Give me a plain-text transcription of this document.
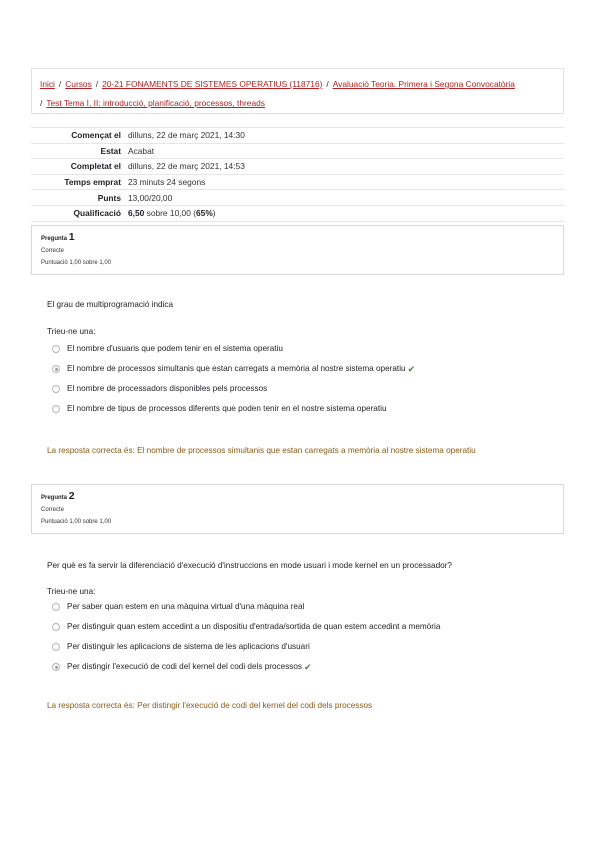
Inici / Cursos / 20-21 FONAMENTS DE SISTEMES OPERATIUS (118716) / Avaluació Teoria. Primera i Segona Convocatòria
/ Test Tema I, II: introducció, planificació, processos, threads
Començat el	dilluns, 22 de març 2021, 14:30
Estat	Acabat
Completat el	dilluns, 22 de març 2021, 14:53
Temps emprat	23 minuts 24 segons
Punts	13,00/20,00
Qualificació	6,50 sobre 10,00 (65%)
Pregunta 1
Correcte
Puntuació 1,00 sobre 1,00
El grau de multiprogramació indica
Trieu-ne una:
El nombre d'usuaris que podem tenir en el sistema operatiu
El nombre de processos simultanis que estan carregats a memòria al nostre sistema operatiu ✔
El nombre de processadors disponibles pels processos
El nombre de tipus de processos diferents que poden tenir en el nostre sistema operatiu
La resposta correcta és: El nombre de processos simultanis que estan carregats a memòria al nostre sistema operatiu
Pregunta 2
Correcte
Puntuació 1,00 sobre 1,00
Per què es fa servir la diferenciació d'execució d'instruccions en mode usuari i mode kernel en un processador?
Trieu-ne una:
Per saber quan estem en una màquina virtual d'una màquina real
Per distinguir quan estem accedint a un dispositiu d'entrada/sortida de quan estem accedint a memòria
Per distinguir les aplicacions de sistema de les aplicacions d'usuari
Per distingir l'execució de codi del kernel del codi dels processos ✔
La resposta correcta és: Per distingir l'execució de codi del kernel del codi dels processos
